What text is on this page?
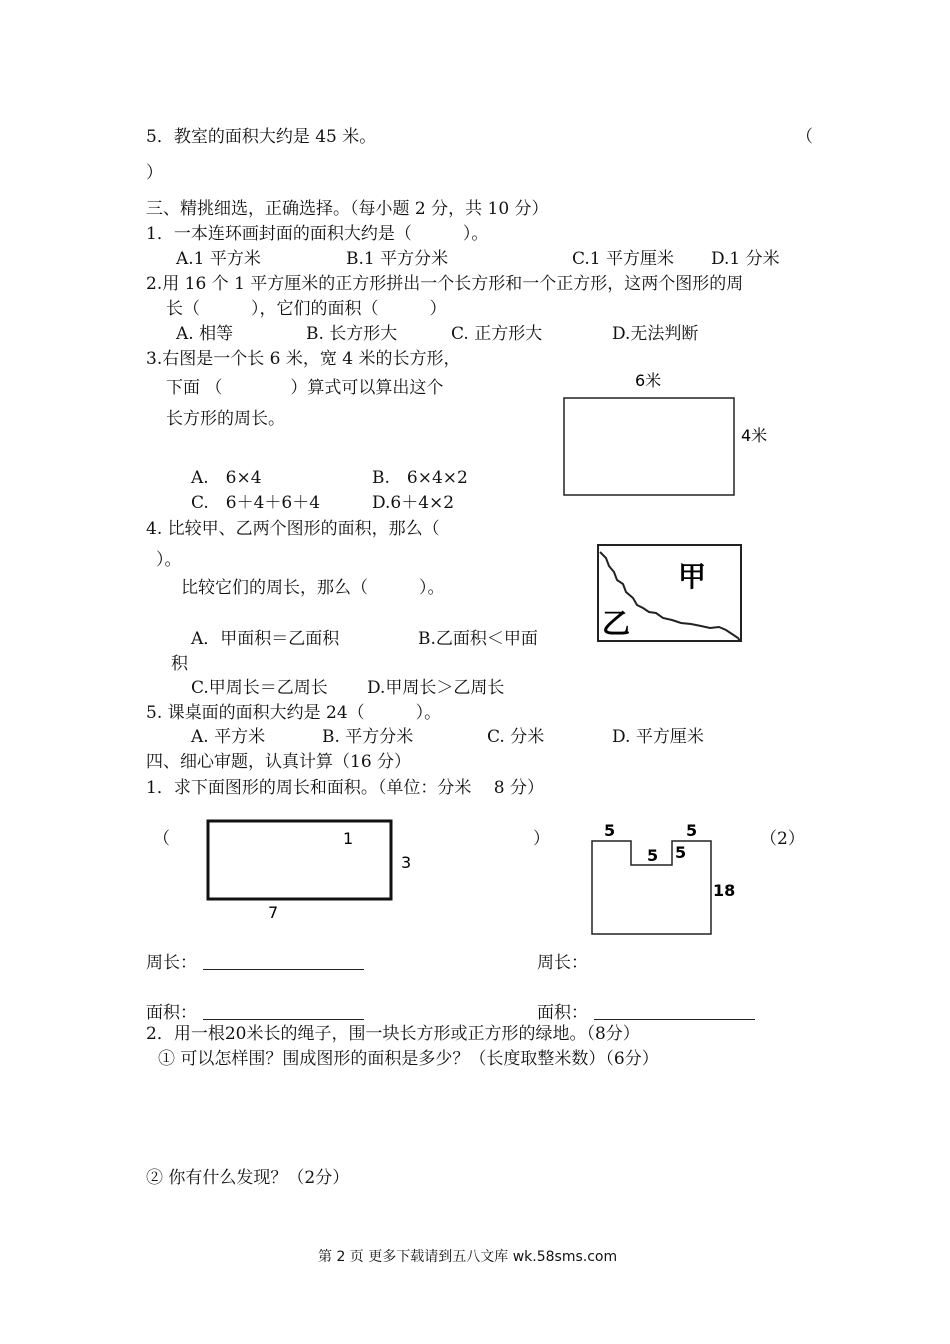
5．教室的面积大约是 45 米。	（
）
三、精挑细选，正确选择。（每小题 2 分，共 10 分）
1．一本连环画封面的面积大约是（　　　）。
A.1 平方米	B.1 平方分米	C.1 平方厘米 D.1 分米
2.用 16 个 1 平方厘米的正方形拼出一个长方形和一个正方形，这两个图形的周
长（　　　），它们的面积（　　　）
A. 相等	B. 长方形大	C. 正方形大	D.无法判断
3.右图是一个长 6 米，宽 4 米的长方形，
下面 （　　　　）算式可以算出这个
长方形的周长。
A.　6×4	B.　6×4×2
C.　6＋4＋6＋4	D.6＋4×2
6米
4米
4. 比较甲、乙两个图形的面积，那么（
）。
比较它们的周长，那么（　　　）。
A．甲面积＝乙面积	B.乙面积＜甲面
积
C.甲周长＝乙周长 D.甲周长＞乙周长
甲
乙
5. 课桌面的面积大约是 24（　　　）。
A. 平方米	B. 平方分米	C. 分米	D. 平方厘米
四、细心审题，认真计算（16 分）
1．求下面图形的周长和面积。（单位：分米　 8 分）
（	1
3
7
）	5	5
5 5
18
（2）
周长：	周长：
面积：	面积：
2．用一根20米长的绳子，围一块长方形或正方形的绿地。（8分）
① 可以怎样围？围成图形的面积是多少？（长度取整米数）（6分）
② 你有什么发现？（2分）
第 2 页 更多下载请到五八文库 wk.58sms.com
